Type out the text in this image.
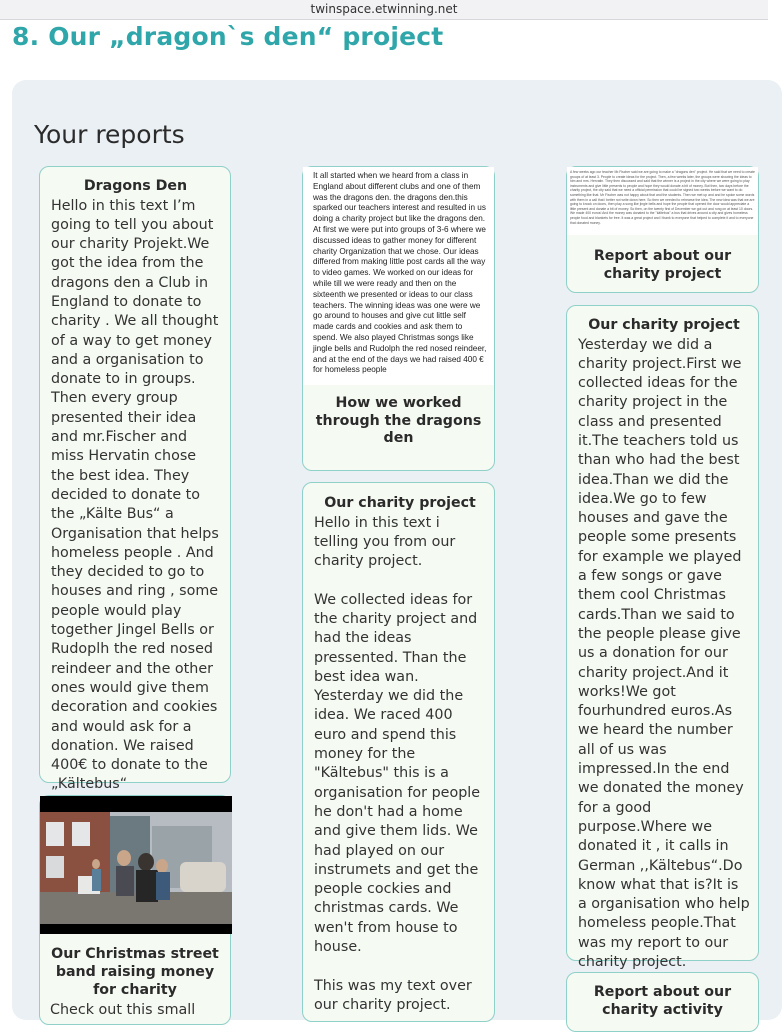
twinspace.etwinning.net
8. Our „dragon`s den“ project
Your reports

Dragons Den

Hello in this text I’m going to tell you about our charity Projekt.We got the idea from the dragons den a Club in England to donate to charity . We all thought of a way to get money and a organisation to donate to in groups. Then every group presented their idea and mr.Fischer and miss Hervatin chose the best idea. They decided to donate to the „Kälte Bus“ a Organisation that helps homeless people . And they decided to go to houses and ring , some people would play together Jingel Bells or Rudoplh the red nosed reindeer and the other ones would give them decoration and cookies and would ask for a donation. We raised 400€ to donate to the „Kältebus“

Our Christmas street band raising money for charity

Check out this small

It all started when we heard from a class in England about different clubs and one of them was the dragons den. the dragons den.this sparked our teachers interest and resulted in us doing a charity project but like the dragons den. At first we were put into groups of 3-6 where we discussed ideas to gather money for different charity Organization that we chose. Our ideas differed from making little post cards all the way to video games. We worked on our ideas for while till we were ready and then on the sixteenth we presented or ideas to our class teachers. The winning ideas was one were we go around to houses and give cut little self made cards and cookies and ask them to spend. We also played Christmas songs like jingle bells and Rudolph the red nosed reindeer, and at the end of the days we had raised 400 € for homeless people

How we worked through the dragons den

Our charity project

Hello in this text i telling you from our charity project.

We collected ideas for the charity project and had the ideas pressented. Than the best idea wan. Yesterday we did the idea. We raced 400 euro and spend this money for the "Kältebus" this is a organisation for people he don't had a home and give them lids. We had played on our instrumets and get the people cockies and christmas cards. We wen't from house to house.

This was my text over our charity project.

A few weeks ago our teacher Mr.Fischer said we are going to make a "dragons den" project. He said that we need to create groups of at least 3. People to create ideas for the project. Then, a few weeks later, the groups were showing the ideas to him and mrs. Hervatin. They then discussed and said that the winner is a project in the city where we were going to play instruments and give little presents to people and hope they would donate a bit of money. But then, two days before the charity project, the city said that we need a official permission that could be signed two weeks before we want to do something like that. Mr Fischer was not happy about that and the students. Then we met up and and he spoke some words with them in a call that i better not write down here. So then we needed to rehearse the idea. The new idea was that we are going to knock on doors, then play a song like jingle bells and hope the people that opened the door would appreciate a little present and donate a bit of money. So then, on the twenty first of December we got out and rung on at least 10 doors. We made 400 euros! And the money was donated to the "kältebus" a bus that drives around a city and gives homeless people food and blankets for free. It was a great project and I thank to everyone that helped to complete it and to everyone that donated money.

Report about our charity project

Our charity project

Yesterday we did a charity project.First we collected ideas for the charity project in the class and presented it.The teachers told us than who had the best idea.Than we did the idea.We go to few houses and gave the people some presents for example we played a few songs or gave them cool Christmas cards.Than we said to the people please give us a donation for our charity project.And it works!We got fourhundred euros.As we heard the number all of us was impressed.In the end we donated the money for a good purpose.Where we donated it , it calls in German ,,Kältebus“.Do know what that is?It is a organisation who help homeless people.That was my report to our charity project.

Report about our charity activity
